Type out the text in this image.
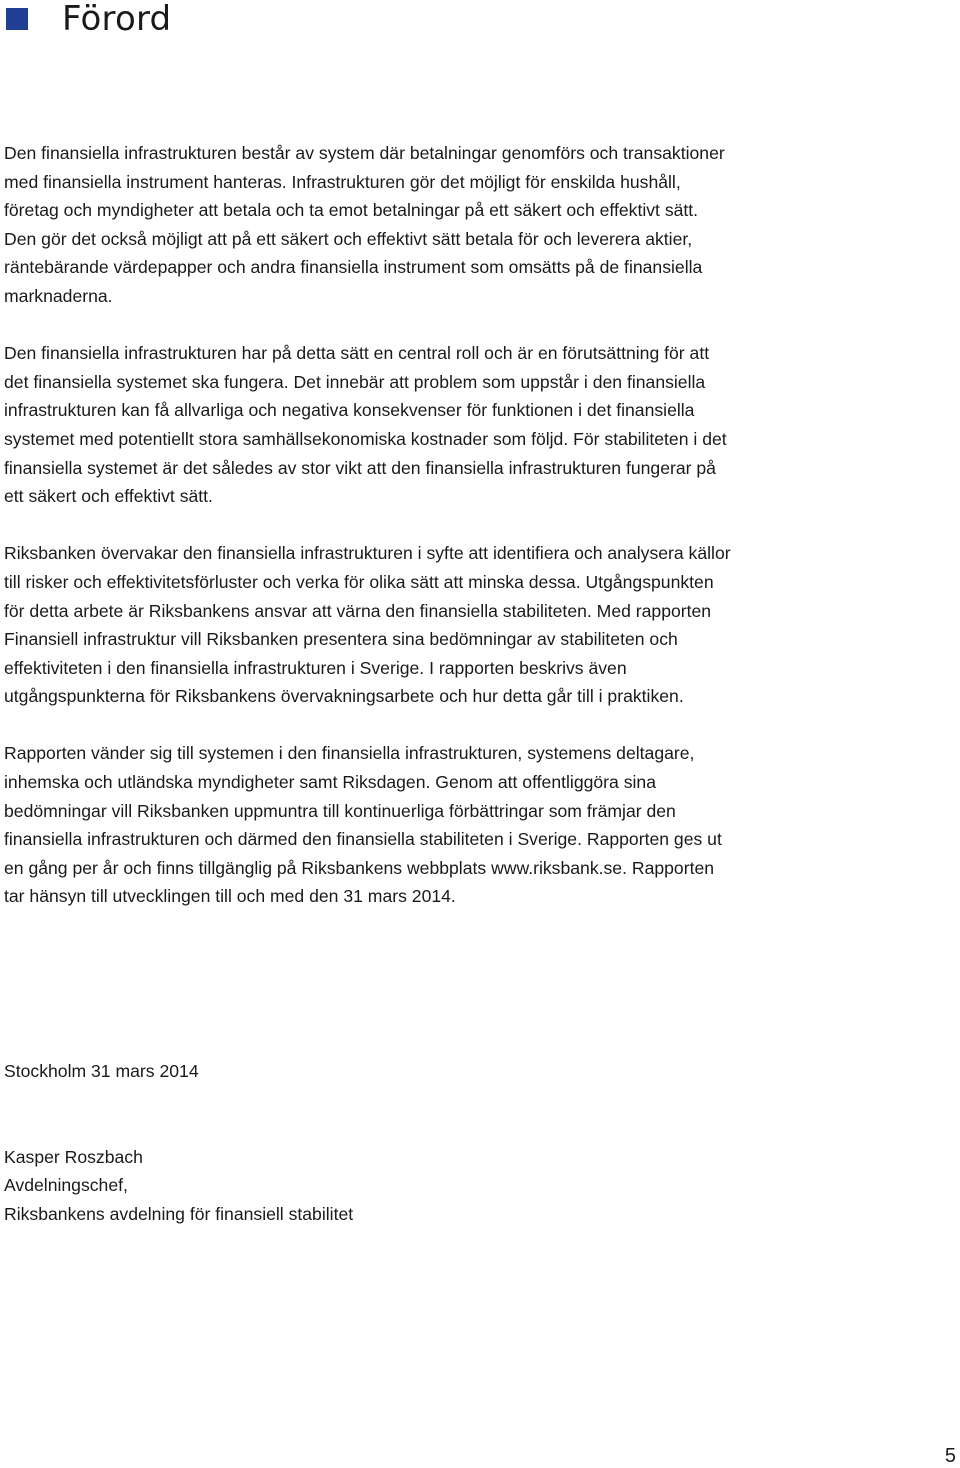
Förord

Den finansiella infrastrukturen består av system där betalningar genomförs och transaktioner med finansiella instrument hanteras. Infrastrukturen gör det möjligt för enskilda hushåll, företag och myndigheter att betala och ta emot betalningar på ett säkert och effektivt sätt. Den gör det också möjligt att på ett säkert och effektivt sätt betala för och leverera aktier, räntebärande värdepapper och andra finansiella instrument som omsätts på de finansiella marknaderna.

Den finansiella infrastrukturen har på detta sätt en central roll och är en förutsättning för att det finansiella systemet ska fungera. Det innebär att problem som uppstår i den finansiella infrastrukturen kan få allvarliga och negativa konsekvenser för funktionen i det finansiella systemet med potentiellt stora samhällsekonomiska kostnader som följd. För stabiliteten i det finansiella systemet är det således av stor vikt att den finansiella infrastrukturen fungerar på ett säkert och effektivt sätt.

Riksbanken övervakar den finansiella infrastrukturen i syfte att identifiera och analysera källor till risker och effektivitetsförluster och verka för olika sätt att minska dessa. Utgångspunkten för detta arbete är Riksbankens ansvar att värna den finansiella stabiliteten. Med rapporten Finansiell infrastruktur vill Riksbanken presentera sina bedömningar av stabiliteten och effektiviteten i den finansiella infrastrukturen i Sverige. I rapporten beskrivs även utgångspunkterna för Riksbankens övervakningsarbete och hur detta går till i praktiken.

Rapporten vänder sig till systemen i den finansiella infrastrukturen, systemens deltagare, inhemska och utländska myndigheter samt Riksdagen. Genom att offentliggöra sina bedömningar vill Riksbanken uppmuntra till kontinuerliga förbättringar som främjar den finansiella infrastrukturen och därmed den finansiella stabiliteten i Sverige. Rapporten ges ut en gång per år och finns tillgänglig på Riksbankens webbplats www.riksbank.se. Rapporten tar hänsyn till utvecklingen till och med den 31 mars 2014.

Stockholm 31 mars 2014
Kasper Roszbach
Avdelningschef,
Riksbankens avdelning för finansiell stabilitet
5
